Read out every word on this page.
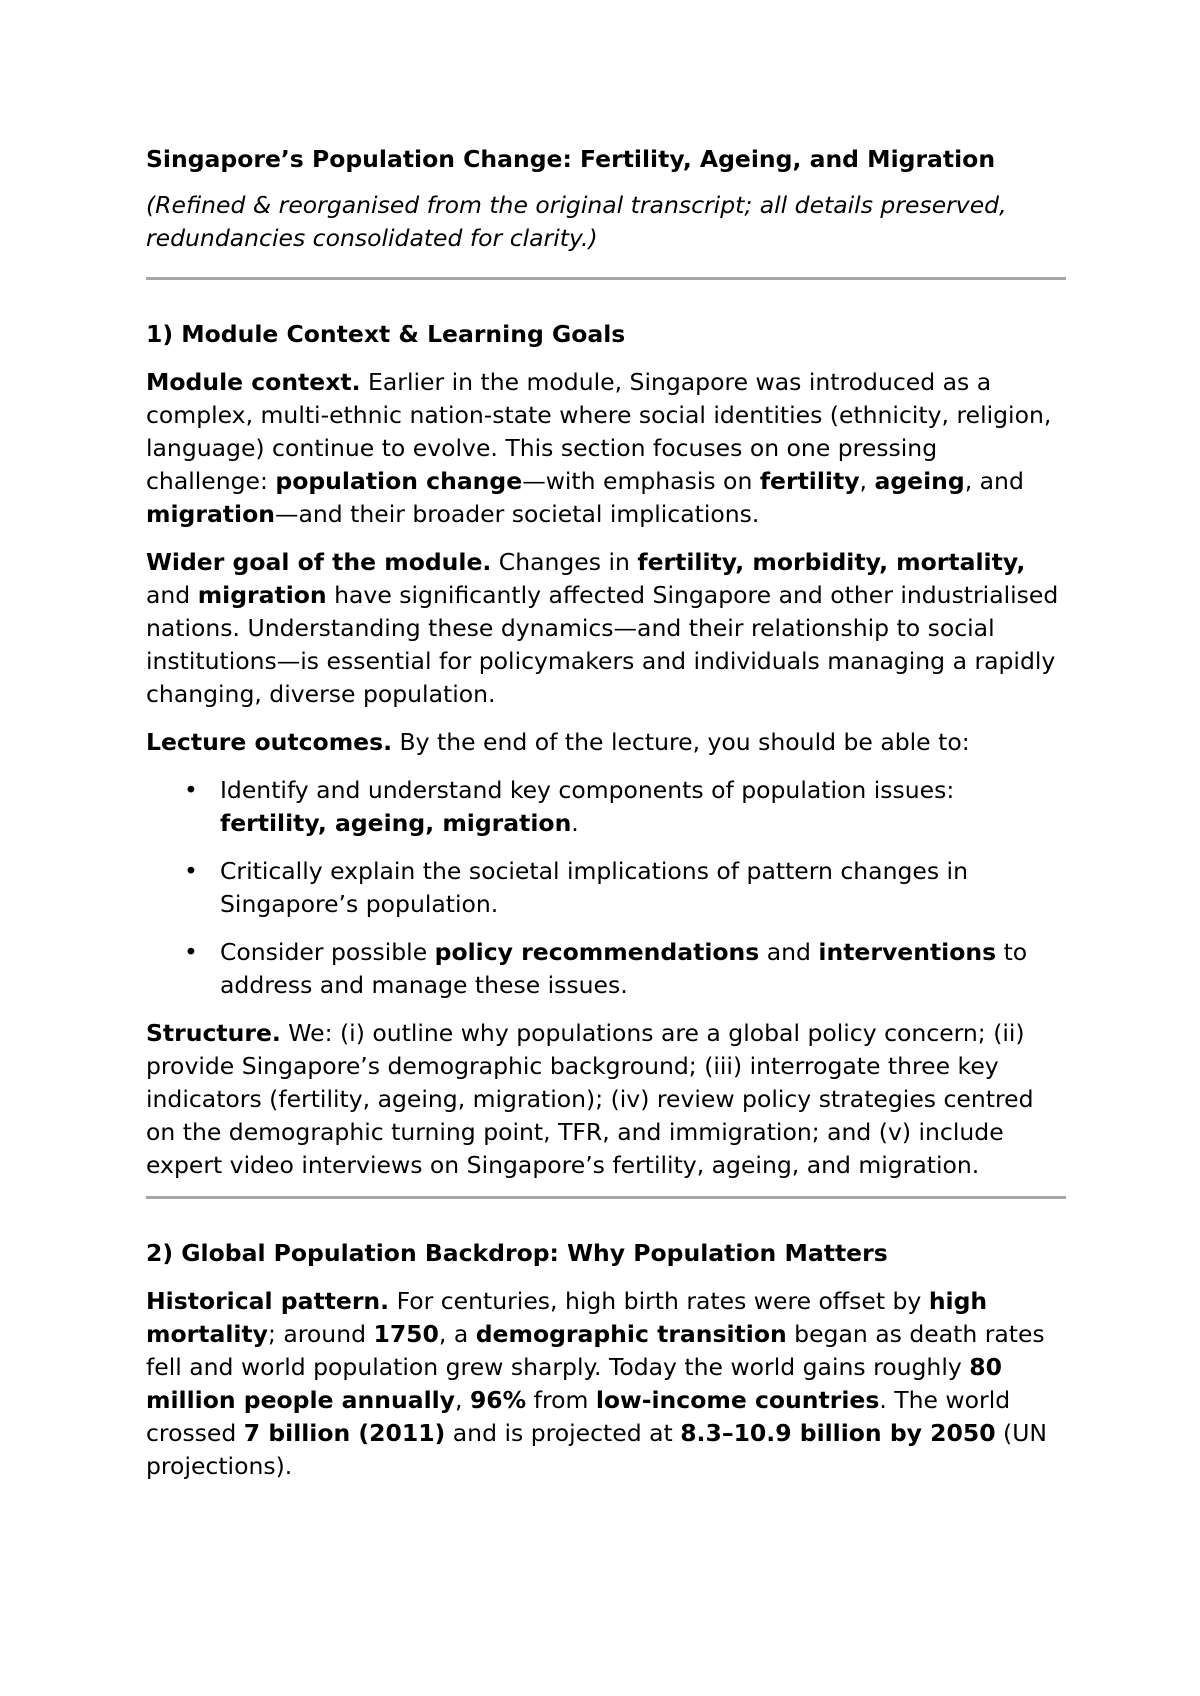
Singapore’s Population Change: Fertility, Ageing, and Migration
(Refined & reorganised from the original transcript; all details preserved, redundancies consolidated for clarity.)
1) Module Context & Learning Goals

Module context. Earlier in the module, Singapore was introduced as a complex, multi-ethnic nation-state where social identities (ethnicity, religion, language) continue to evolve. This section focuses on one pressing challenge: population change—with emphasis on fertility, ageing, and migration—and their broader societal implications.

Wider goal of the module. Changes in fertility, morbidity, mortality, and migration have significantly affected Singapore and other industrialised nations. Understanding these dynamics—and their relationship to social institutions—is essential for policymakers and individuals managing a rapidly changing, diverse population.

Lecture outcomes. By the end of the lecture, you should be able to:

• Identify and understand key components of population issues: fertility, ageing, migration.
• Critically explain the societal implications of pattern changes in Singapore’s population.
• Consider possible policy recommendations and interventions to address and manage these issues.

Structure. We: (i) outline why populations are a global policy concern; (ii) provide Singapore’s demographic background; (iii) interrogate three key indicators (fertility, ageing, migration); (iv) review policy strategies centred on the demographic turning point, TFR, and immigration; and (v) include expert video interviews on Singapore’s fertility, ageing, and migration.

2) Global Population Backdrop: Why Population Matters

Historical pattern. For centuries, high birth rates were offset by high mortality; around 1750, a demographic transition began as death rates fell and world population grew sharply. Today the world gains roughly 80 million people annually, 96% from low-income countries. The world crossed 7 billion (2011) and is projected at 8.3–10.9 billion by 2050 (UN projections).
